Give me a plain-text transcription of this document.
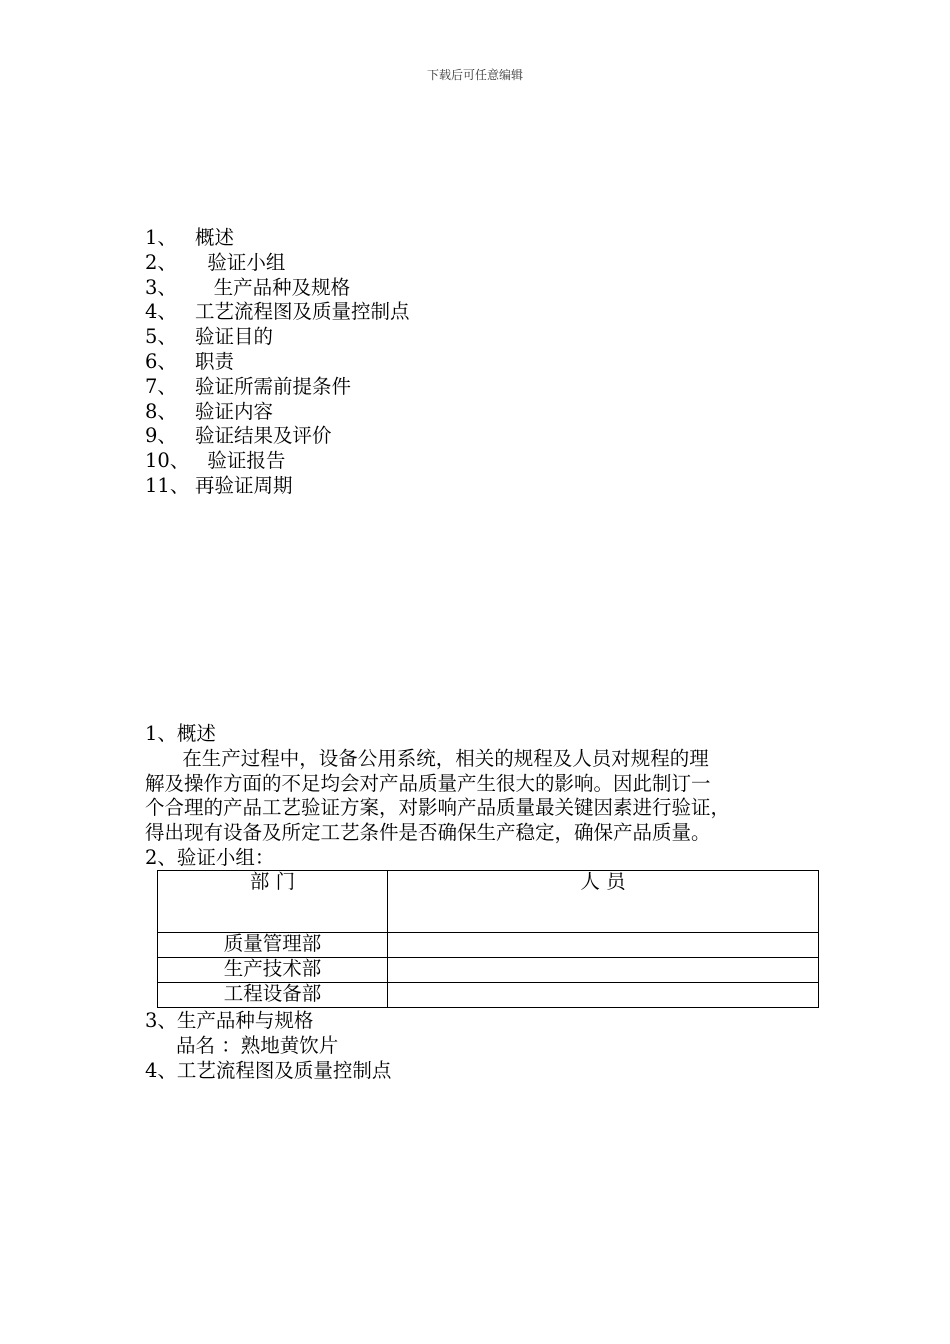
下载后可任意编辑
1、 概述
2、 验证小组
3、 生产品种及规格
4、 工艺流程图及质量控制点
5、 验证目的
6、 职责
7、 验证所需前提条件
8、 验证内容
9、 验证结果及评价
10、 验证报告
11、 再验证周期
1、概述
在生产过程中，设备公用系统，相关的规程及人员对规程的理
解及操作方面的不足均会对产品质量产生很大的影响。因此制订一
个合理的产品工艺验证方案，对影响产品质量最关键因素进行验证，
得出现有设备及所定工艺条件是否确保生产稳定，确保产品质量。
2、验证小组：
部 门	人 员
质量管理部	
生产技术部	
工程设备部	
3、生产品种与规格
品名 ：熟地黄饮片
4、工艺流程图及质量控制点
